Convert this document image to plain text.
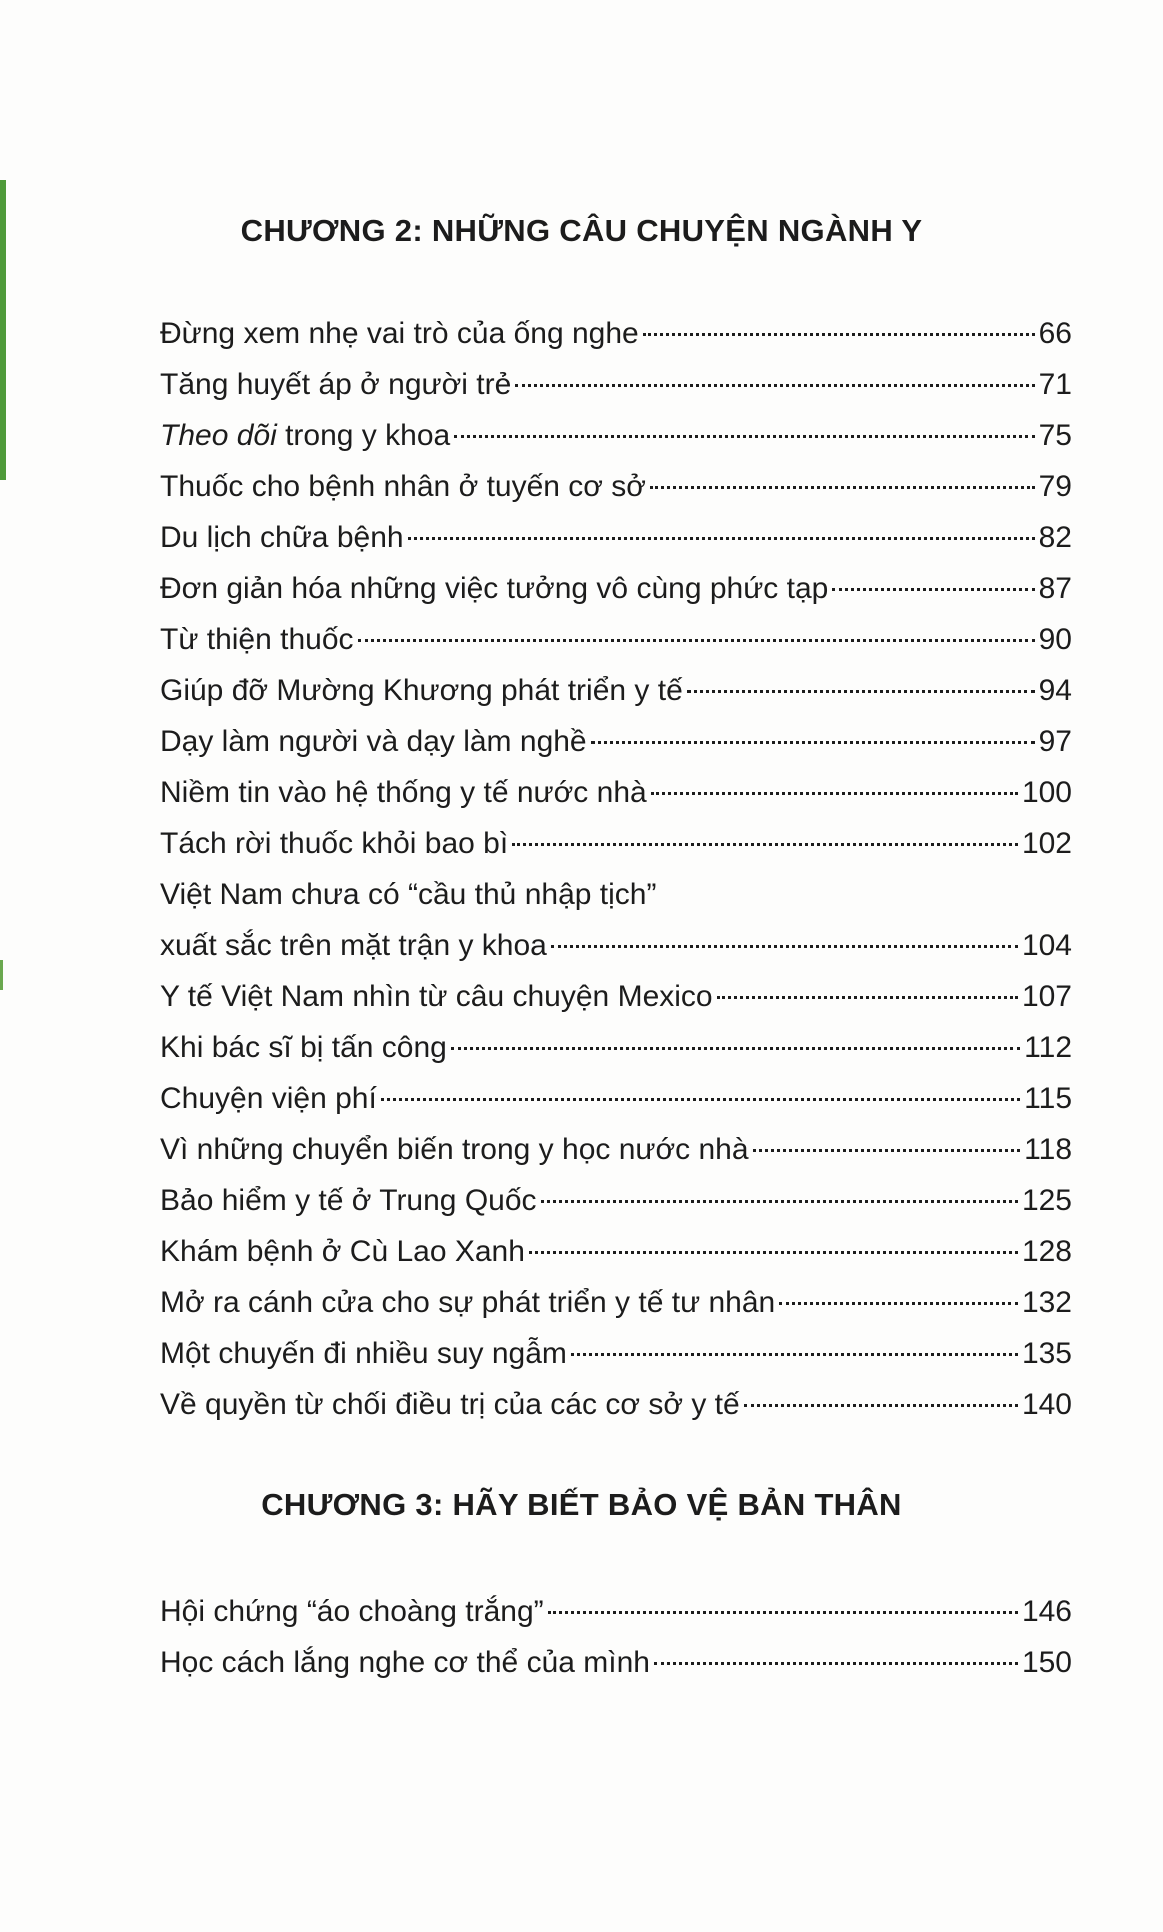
CHƯƠNG 2: NHỮNG CÂU CHUYỆN NGÀNH Y
Đừng xem nhẹ vai trò của ống nghe	66
Tăng huyết áp ở người trẻ	71
Theo dõi trong y khoa	75
Thuốc cho bệnh nhân ở tuyến cơ sở	79
Du lịch chữa bệnh	82
Đơn giản hóa những việc tưởng vô cùng phức tạp	87
Từ thiện thuốc	90
Giúp đỡ Mường Khương phát triển y tế	94
Dạy làm người và dạy làm nghề	97
Niềm tin vào hệ thống y tế nước nhà	100
Tách rời thuốc khỏi bao bì	102
Việt Nam chưa có “cầu thủ nhập tịch”
xuất sắc trên mặt trận y khoa	104
Y tế Việt Nam nhìn từ câu chuyện Mexico	107
Khi bác sĩ bị tấn công	112
Chuyện viện phí	115
Vì những chuyển biến trong y học nước nhà	118
Bảo hiểm y tế ở Trung Quốc	125
Khám bệnh ở Cù Lao Xanh	128
Mở ra cánh cửa cho sự phát triển y tế tư nhân	132
Một chuyến đi nhiều suy ngẫm	135
Về quyền từ chối điều trị của các cơ sở y tế	140
CHƯƠNG 3: HÃY BIẾT BẢO VỆ BẢN THÂN
Hội chứng “áo choàng trắng”	146
Học cách lắng nghe cơ thể của mình	150
